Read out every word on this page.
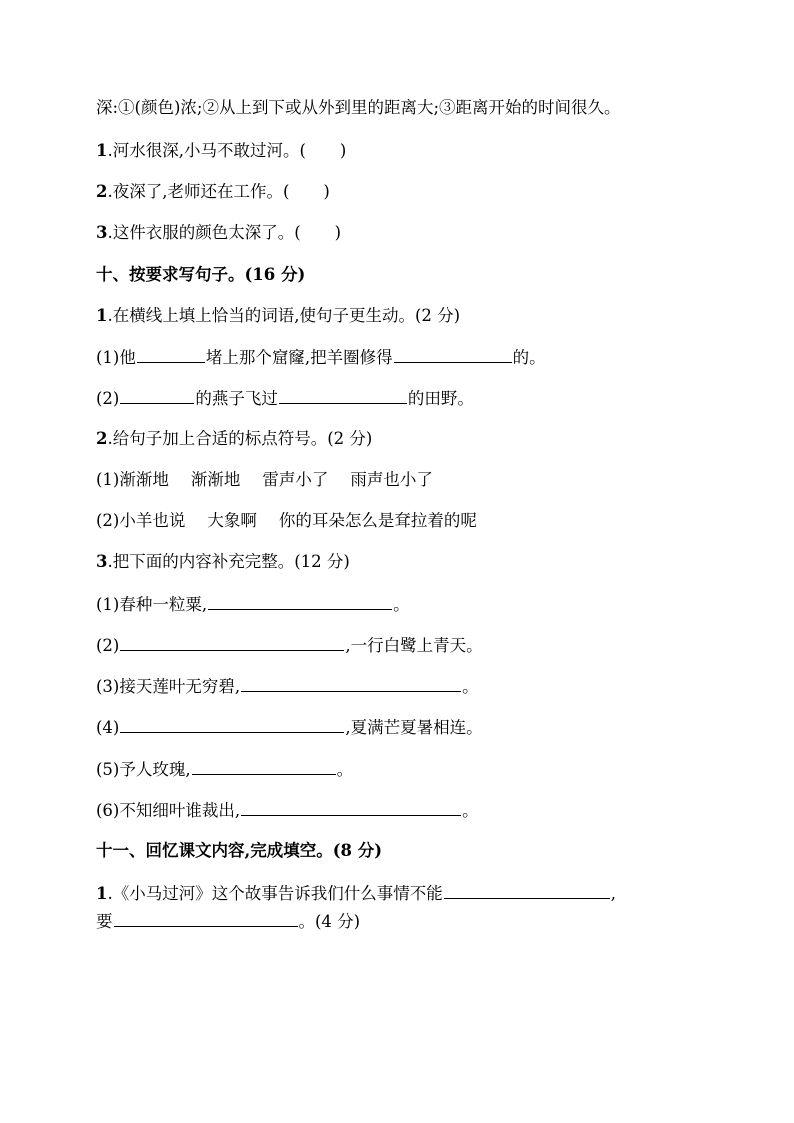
深:①(颜色)浓;②从上到下或从外到里的距离大;③距离开始的时间很久。
1.河水很深,小马不敢过河。( )
2.夜深了,老师还在工作。( )
3.这件衣服的颜色太深了。( )
十、按要求写句子。(16 分)
1.在横线上填上恰当的词语,使句子更生动。(2 分)
(1)他	堵上那个窟窿,把羊圈修得	的。
(2)	的燕子飞过	的田野。
2.给句子加上合适的标点符号。(2 分)
(1)渐渐地 渐渐地 雷声小了 雨声也小了
(2)小羊也说 大象啊 你的耳朵怎么是耷拉着的呢
3.把下面的内容补充完整。(12 分)
(1)春种一粒粟,	。
(2)	,一行白鹭上青天。
(3)接天莲叶无穷碧,	。
(4)	,夏满芒夏暑相连。
(5)予人玫瑰,	。
(6)不知细叶谁裁出,	。
十一、回忆课文内容,完成填空。(8 分)
1.《小马过河》这个故事告诉我们什么事情不能	,
要	。(4 分)
